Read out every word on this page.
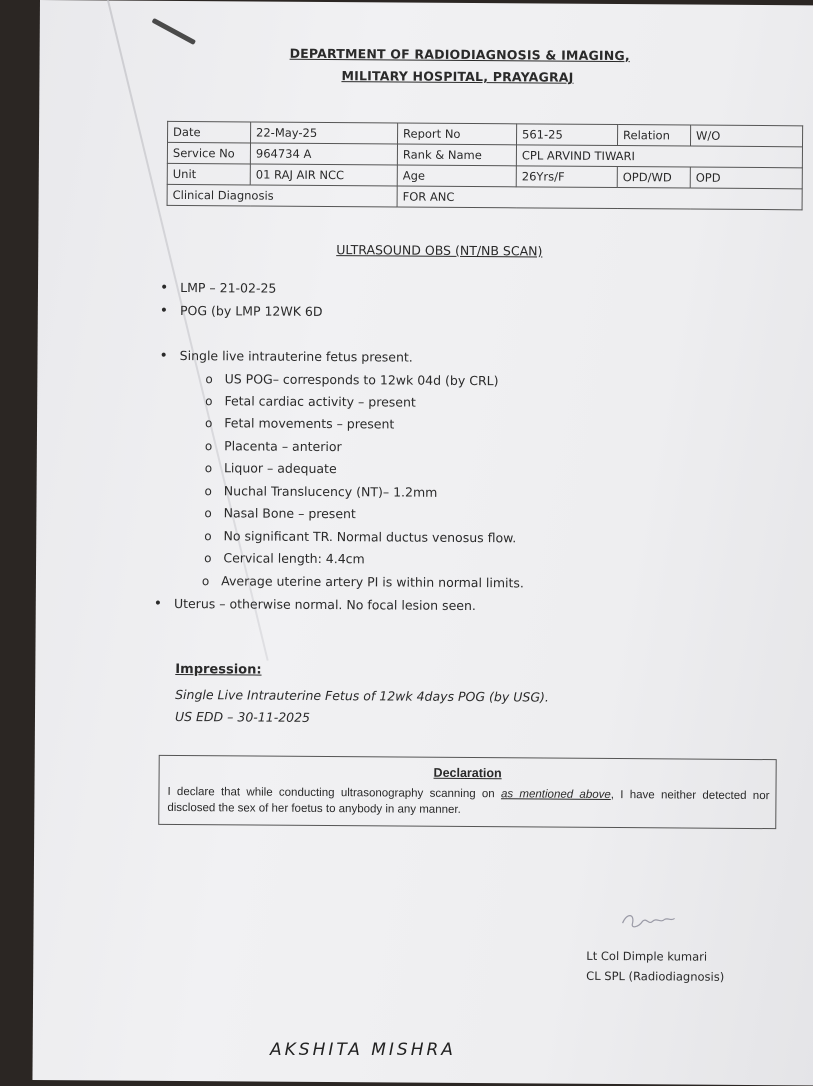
DEPARTMENT OF RADIODIAGNOSIS & IMAGING,
MILITARY HOSPITAL, PRAYAGRAJ
Date	22-May-25	Report No	561-25	Relation	W/O
Service No	964734 A	Rank & Name	CPL ARVIND TIWARI		
Unit	01 RAJ AIR NCC	Age	26Yrs/F	OPD/WD	OPD
Clinical Diagnosis		FOR ANC			
ULTRASOUND OBS (NT/NB SCAN)
• LMP – 21-02-25
• POG (by LMP 12WK 6D
• Single live intrauterine fetus present.
o US POG– corresponds to 12wk 04d (by CRL)
o Fetal cardiac activity – present
o Fetal movements – present
o Placenta – anterior
o Liquor – adequate
o Nuchal Translucency (NT)– 1.2mm
o Nasal Bone – present
o No significant TR. Normal ductus venosus flow.
o Cervical length: 4.4cm
o Average uterine artery PI is within normal limits.
• Uterus – otherwise normal. No focal lesion seen.
Impression:
Single Live Intrauterine Fetus of 12wk 4days POG (by USG).
US EDD – 30-11-2025
Declaration
I declare that while conducting ultrasonography scanning on as mentioned above, I have neither detected nor disclosed the sex of her foetus to anybody in any manner.
Lt Col Dimple kumari
CL SPL (Radiodiagnosis)
AKSHITA MISHRA
